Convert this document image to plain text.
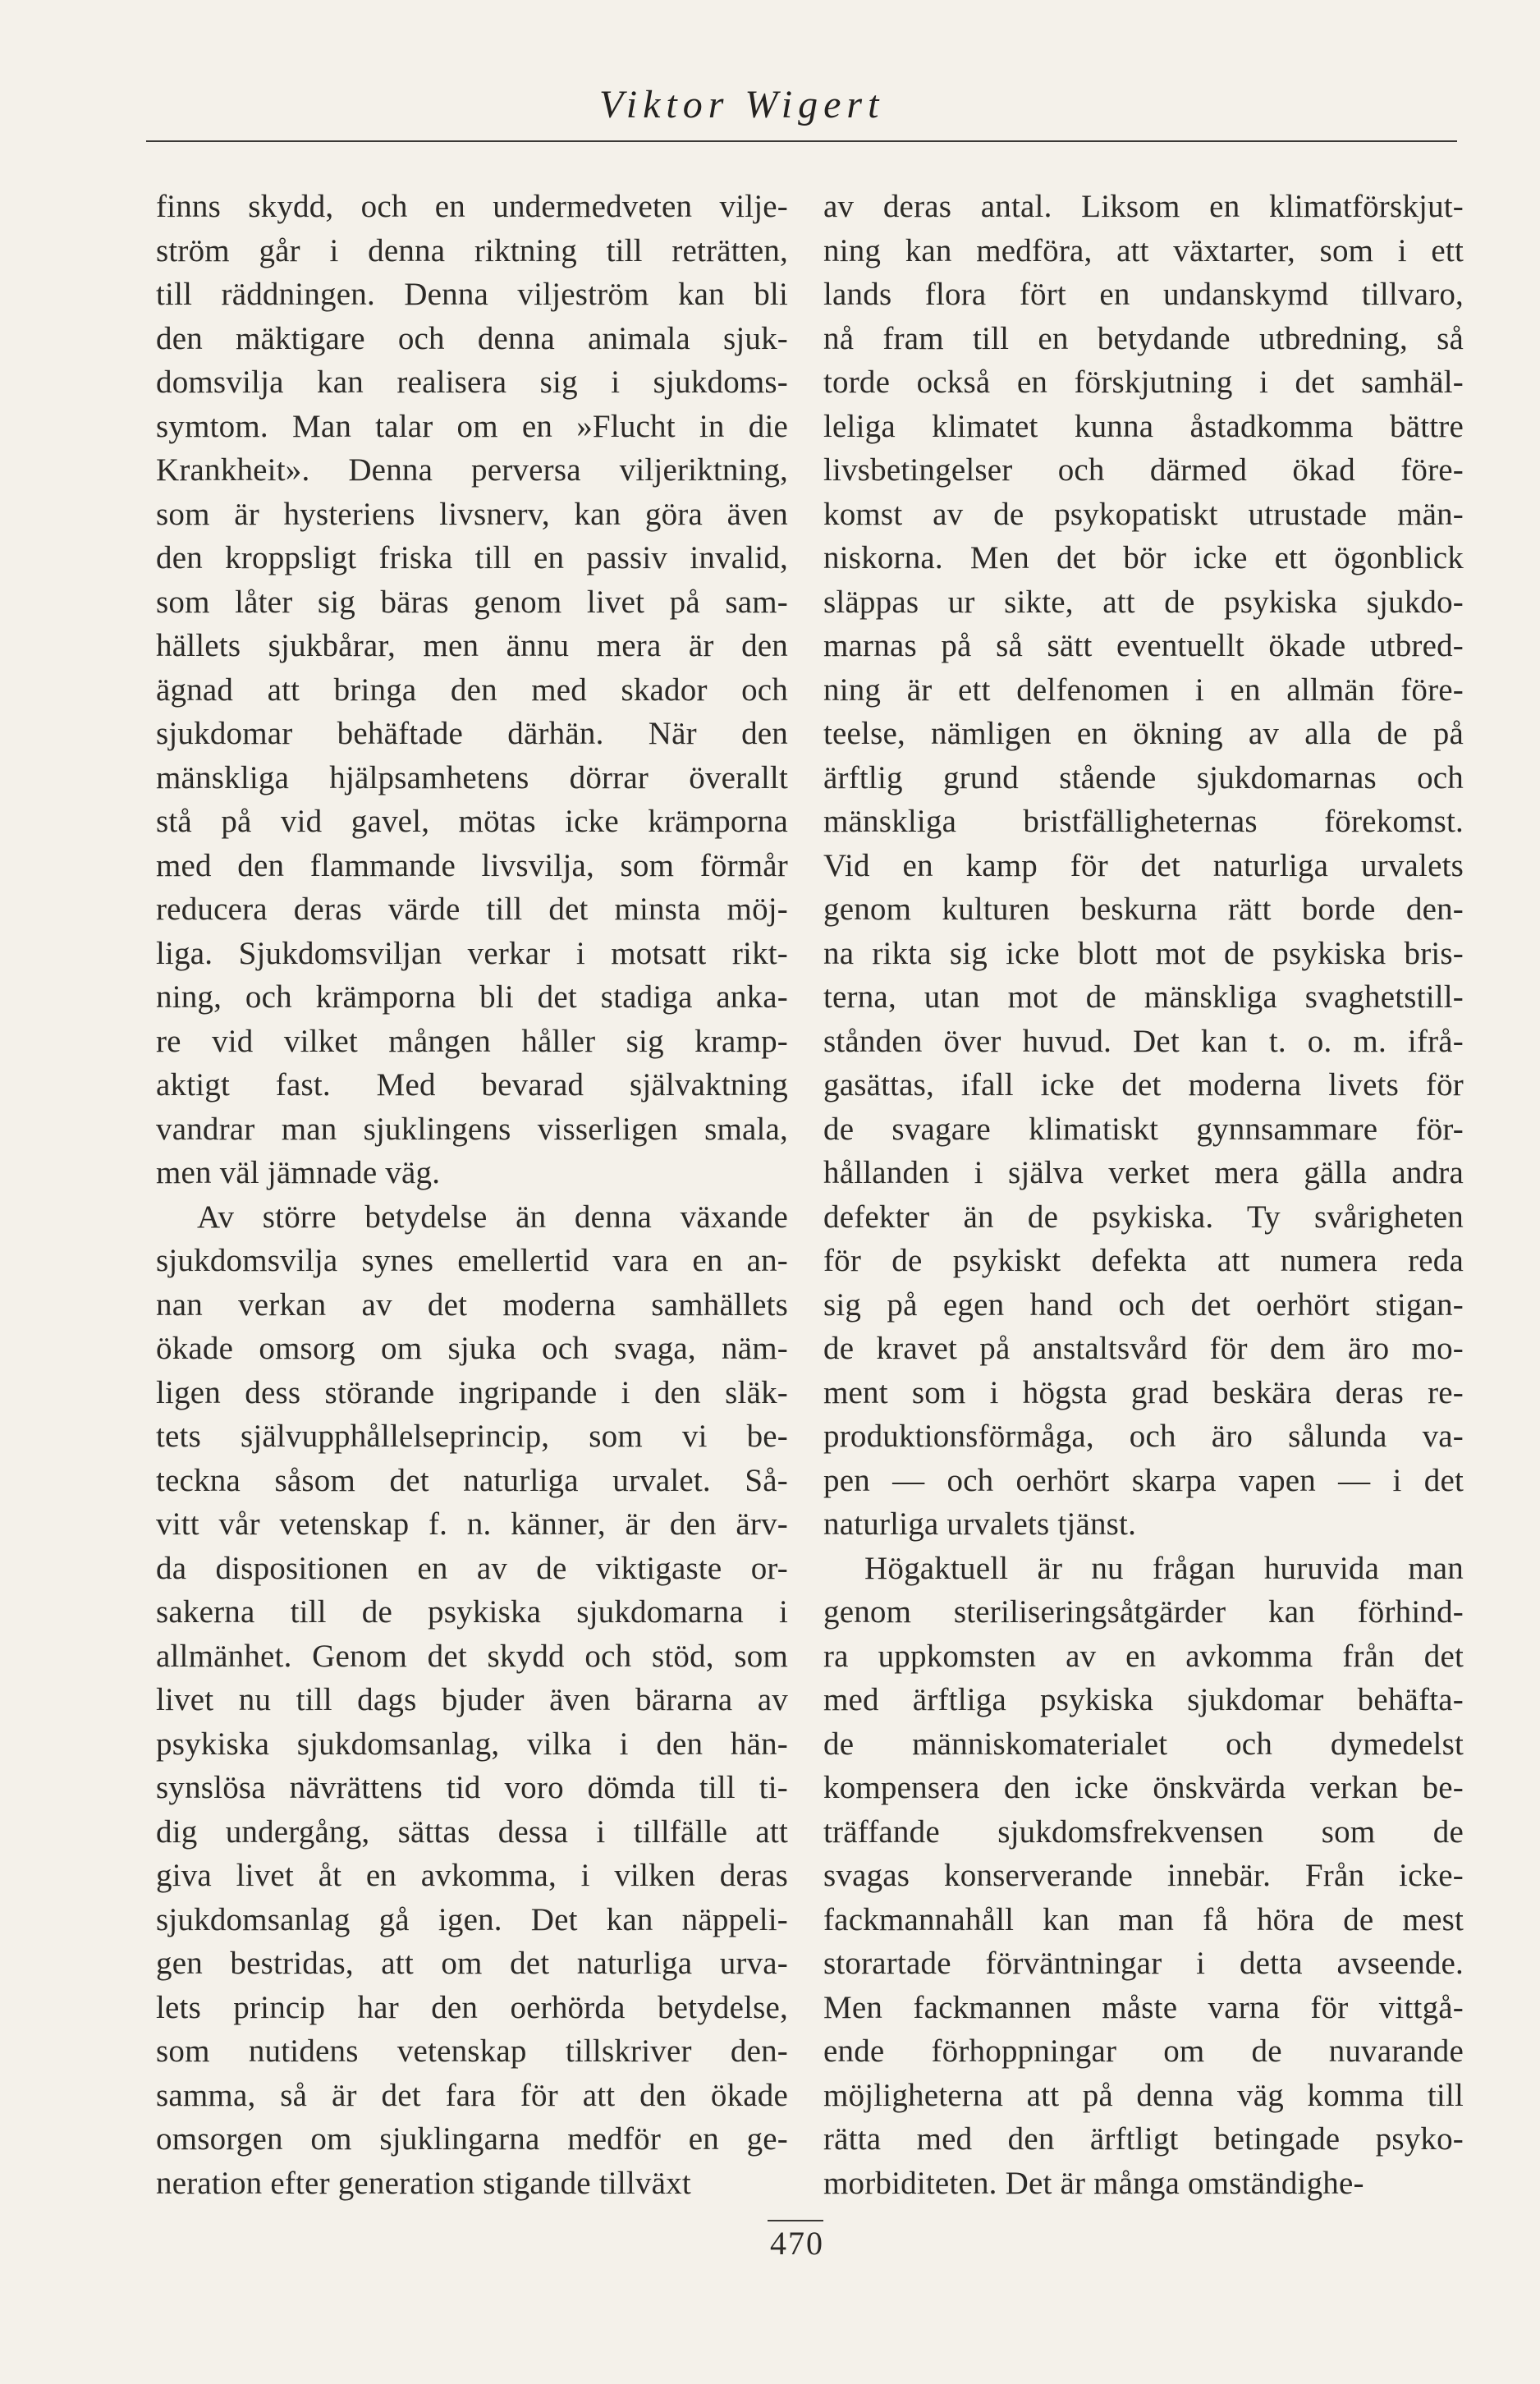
Viktor Wigert
finns skydd, och en undermedveten vilje-
ström går i denna riktning till reträtten,
till räddningen. Denna viljeström kan bli
den mäktigare och denna animala sjuk-
domsvilja kan realisera sig i sjukdoms-
symtom. Man talar om en »Flucht in die
Krankheit». Denna perversa viljeriktning,
som är hysteriens livsnerv, kan göra även
den kroppsligt friska till en passiv invalid,
som låter sig bäras genom livet på sam-
hällets sjukbårar, men ännu mera är den
ägnad att bringa den med skador och
sjukdomar behäftade därhän. När den
mänskliga hjälpsamhetens dörrar överallt
stå på vid gavel, mötas icke krämporna
med den flammande livsvilja, som förmår
reducera deras värde till det minsta möj-
liga. Sjukdomsviljan verkar i motsatt rikt-
ning, och krämporna bli det stadiga anka-
re vid vilket mången håller sig kramp-
aktigt fast. Med bevarad självaktning
vandrar man sjuklingens visserligen smala,
men väl jämnade väg.
Av större betydelse än denna växande
sjukdomsvilja synes emellertid vara en an-
nan verkan av det moderna samhällets
ökade omsorg om sjuka och svaga, näm-
ligen dess störande ingripande i den släk-
tets självupphållelseprincip, som vi be-
teckna såsom det naturliga urvalet. Så-
vitt vår vetenskap f. n. känner, är den ärv-
da dispositionen en av de viktigaste or-
sakerna till de psykiska sjukdomarna i
allmänhet. Genom det skydd och stöd, som
livet nu till dags bjuder även bärarna av
psykiska sjukdomsanlag, vilka i den hän-
synslösa nävrättens tid voro dömda till ti-
dig undergång, sättas dessa i tillfälle att
giva livet åt en avkomma, i vilken deras
sjukdomsanlag gå igen. Det kan näppeli-
gen bestridas, att om det naturliga urva-
lets princip har den oerhörda betydelse,
som nutidens vetenskap tillskriver den-
samma, så är det fara för att den ökade
omsorgen om sjuklingarna medför en ge-
neration efter generation stigande tillväxt
av deras antal. Liksom en klimatförskjut-
ning kan medföra, att växtarter, som i ett
lands flora fört en undanskymd tillvaro,
nå fram till en betydande utbredning, så
torde också en förskjutning i det samhäl-
leliga klimatet kunna åstadkomma bättre
livsbetingelser och därmed ökad före-
komst av de psykopatiskt utrustade män-
niskorna. Men det bör icke ett ögonblick
släppas ur sikte, att de psykiska sjukdo-
marnas på så sätt eventuellt ökade utbred-
ning är ett delfenomen i en allmän före-
teelse, nämligen en ökning av alla de på
ärftlig grund stående sjukdomarnas och
mänskliga bristfälligheternas förekomst.
Vid en kamp för det naturliga urvalets
genom kulturen beskurna rätt borde den-
na rikta sig icke blott mot de psykiska bris-
terna, utan mot de mänskliga svaghetstill-
stånden över huvud. Det kan t. o. m. ifrå-
gasättas, ifall icke det moderna livets för
de svagare klimatiskt gynnsammare för-
hållanden i själva verket mera gälla andra
defekter än de psykiska. Ty svårigheten
för de psykiskt defekta att numera reda
sig på egen hand och det oerhört stigan-
de kravet på anstaltsvård för dem äro mo-
ment som i högsta grad beskära deras re-
produktionsförmåga, och äro sålunda va-
pen — och oerhört skarpa vapen — i det
naturliga urvalets tjänst.
Högaktuell är nu frågan huruvida man
genom steriliseringsåtgärder kan förhind-
ra uppkomsten av en avkomma från det
med ärftliga psykiska sjukdomar behäfta-
de människomaterialet och dymedelst
kompensera den icke önskvärda verkan be-
träffande sjukdomsfrekvensen som de
svagas konserverande innebär. Från icke-
fackmannahåll kan man få höra de mest
storartade förväntningar i detta avseende.
Men fackmannen måste varna för vittgå-
ende förhoppningar om de nuvarande
möjligheterna att på denna väg komma till
rätta med den ärftligt betingade psyko-
morbiditeten. Det är många omständighe-
470
